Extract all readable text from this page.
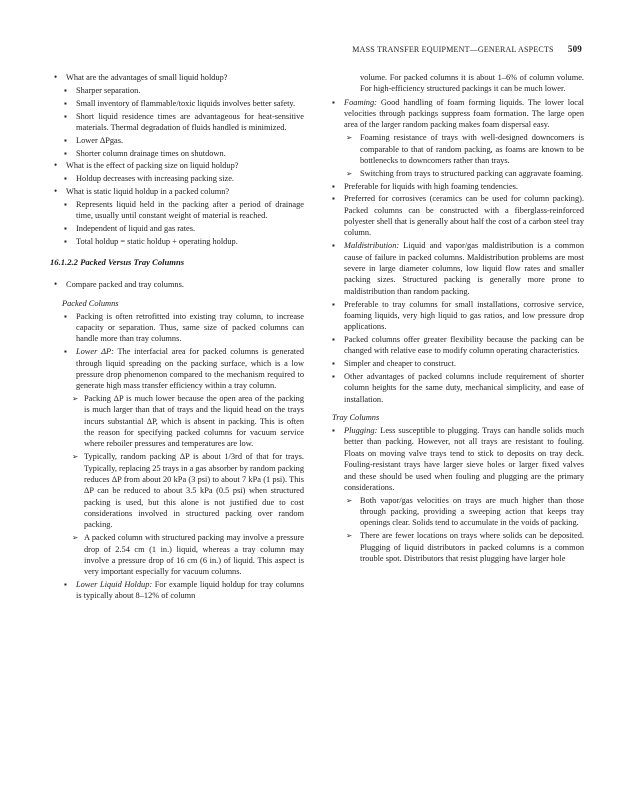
MASS TRANSFER EQUIPMENT—GENERAL ASPECTS 509
• What are the advantages of small liquid holdup?
▪ Sharper separation.
▪ Small inventory of flammable/toxic liquids involves better safety.
▪ Short liquid residence times are advantageous for heat-sensitive materials. Thermal degradation of fluids handled is minimized.
▪ Lower ΔPgas.
▪ Shorter column drainage times on shutdown.
• What is the effect of packing size on liquid holdup?
▪ Holdup decreases with increasing packing size.
• What is static liquid holdup in a packed column?
▪ Represents liquid held in the packing after a period of drainage time, usually until constant weight of material is reached.
▪ Independent of liquid and gas rates.
▪ Total holdup = static holdup + operating holdup.
16.1.2.2 Packed Versus Tray Columns
• Compare packed and tray columns.
Packed Columns
▪ Packing is often retrofitted into existing tray column, to increase capacity or separation. Thus, same size of packed columns can handle more than tray columns.
▪ Lower ΔP: The interfacial area for packed columns is generated through liquid spreading on the packing surface, which is a low pressure drop phenomenon compared to the mechanism required to generate high mass transfer efficiency within a tray column.
➢ Packing ΔP is much lower because the open area of the packing is much larger than that of trays and the liquid head on the trays incurs substantial ΔP, which is absent in packing. This is often the reason for specifying packed columns for vacuum service where reboiler pressures and temperatures are low.
➢ Typically, random packing ΔP is about 1/3rd of that for trays. Typically, replacing 25 trays in a gas absorber by random packing reduces ΔP from about 20 kPa (3 psi) to about 7 kPa (1 psi). This ΔP can be reduced to about 3.5 kPa (0.5 psi) when structured packing is used, but this alone is not justified due to cost considerations involved in structured packing over random packing.
➢ A packed column with structured packing may involve a pressure drop of 2.54 cm (1 in.) liquid, whereas a tray column may involve a pressure drop of 16 cm (6 in.) of liquid. This aspect is very important especially for vacuum columns.
▪ Lower Liquid Holdup: For example liquid holdup for tray columns is typically about 8–12% of column
volume. For packed columns it is about 1–6% of column volume. For high-efficiency structured packings it can be much lower.
▪ Foaming: Good handling of foam forming liquids. The lower local velocities through packings suppress foam formation. The large open area of the larger random packing makes foam dispersal easy.
➢ Foaming resistance of trays with well-designed downcomers is comparable to that of random packing, as foams are known to be bottlenecks to downcomers rather than trays.
➢ Switching from trays to structured packing can aggravate foaming.
▪ Preferable for liquids with high foaming tendencies.
▪ Preferred for corrosives (ceramics can be used for column packing). Packed columns can be constructed with a fiberglass-reinforced polyester shell that is generally about half the cost of a carbon steel tray column.
▪ Maldistribution: Liquid and vapor/gas maldistribution is a common cause of failure in packed columns. Maldistribution problems are most severe in large diameter columns, low liquid flow rates and smaller packing sizes. Structured packing is generally more prone to maldistribution than random packing.
▪ Preferable to tray columns for small installations, corrosive service, foaming liquids, very high liquid to gas ratios, and low pressure drop applications.
▪ Packed columns offer greater flexibility because the packing can be changed with relative ease to modify column operating characteristics.
▪ Simpler and cheaper to construct.
▪ Other advantages of packed columns include requirement of shorter column heights for the same duty, mechanical simplicity, and ease of installation.
Tray Columns
▪ Plugging: Less susceptible to plugging. Trays can handle solids much better than packing. However, not all trays are resistant to fouling. Floats on moving valve trays tend to stick to deposits on tray deck. Fouling-resistant trays have larger sieve holes or larger fixed valves and these should be used when fouling and plugging are the primary considerations.
➢ Both vapor/gas velocities on trays are much higher than those through packing, providing a sweeping action that keeps tray openings clear. Solids tend to accumulate in the voids of packing.
➢ There are fewer locations on trays where solids can be deposited. Plugging of liquid distributors in packed columns is a common trouble spot. Distributors that resist plugging have larger hole
